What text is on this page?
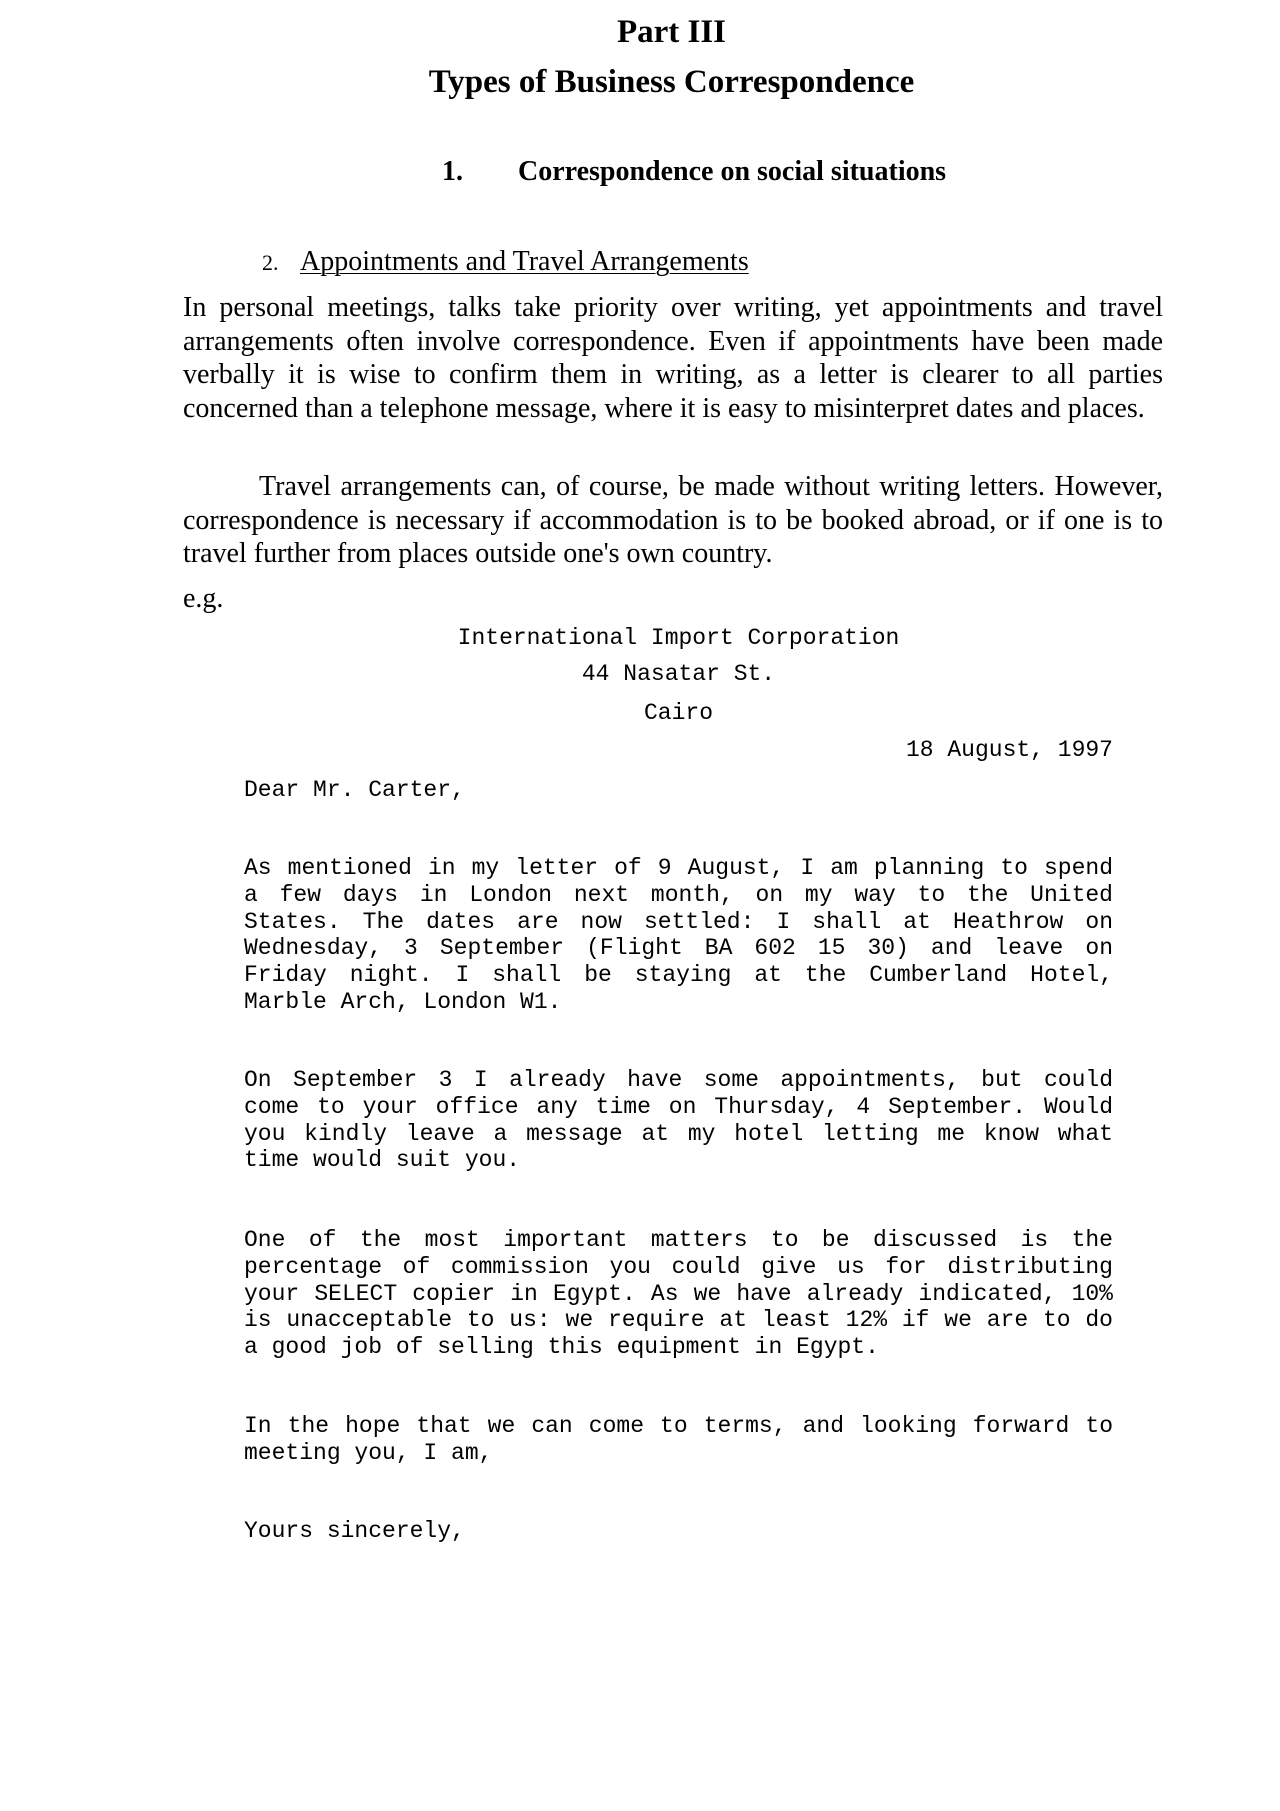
Part III
Types of Business Correspondence
1. Correspondence on social situations
2. Appointments and Travel Arrangements

In personal meetings, talks take priority over writing, yet appointments and travel arrangements often involve correspondence. Even if appointments have been made verbally it is wise to confirm them in writing, as a letter is clearer to all parties concerned than a telephone message, where it is easy to misinterpret dates and places.

Travel arrangements can, of course, be made without writing letters. However, correspondence is necessary if accommodation is to be booked abroad, or if one is to travel further from places outside one's own country.

e.g.
International Import Corporation
44 Nasatar St.
Cairo
18 August, 1997
Dear Mr. Carter,

As mentioned in my letter of 9 August, I am planning to spend a few days in London next month, on my way to the United States. The dates are now settled: I shall at Heathrow on Wednesday, 3 September (Flight BA 602 15 30) and leave on Friday night. I shall be staying at the Cumberland Hotel, Marble Arch, London W1.

On September 3 I already have some appointments, but could come to your office any time on Thursday, 4 September. Would you kindly leave a message at my hotel letting me know what time would suit you.

One of the most important matters to be discussed is the percentage of commission you could give us for distributing your SELECT copier in Egypt. As we have already indicated, 10% is unacceptable to us: we require at least 12% if we are to do a good job of selling this equipment in Egypt.

In the hope that we can come to terms, and looking forward to meeting you, I am,

Yours sincerely,
